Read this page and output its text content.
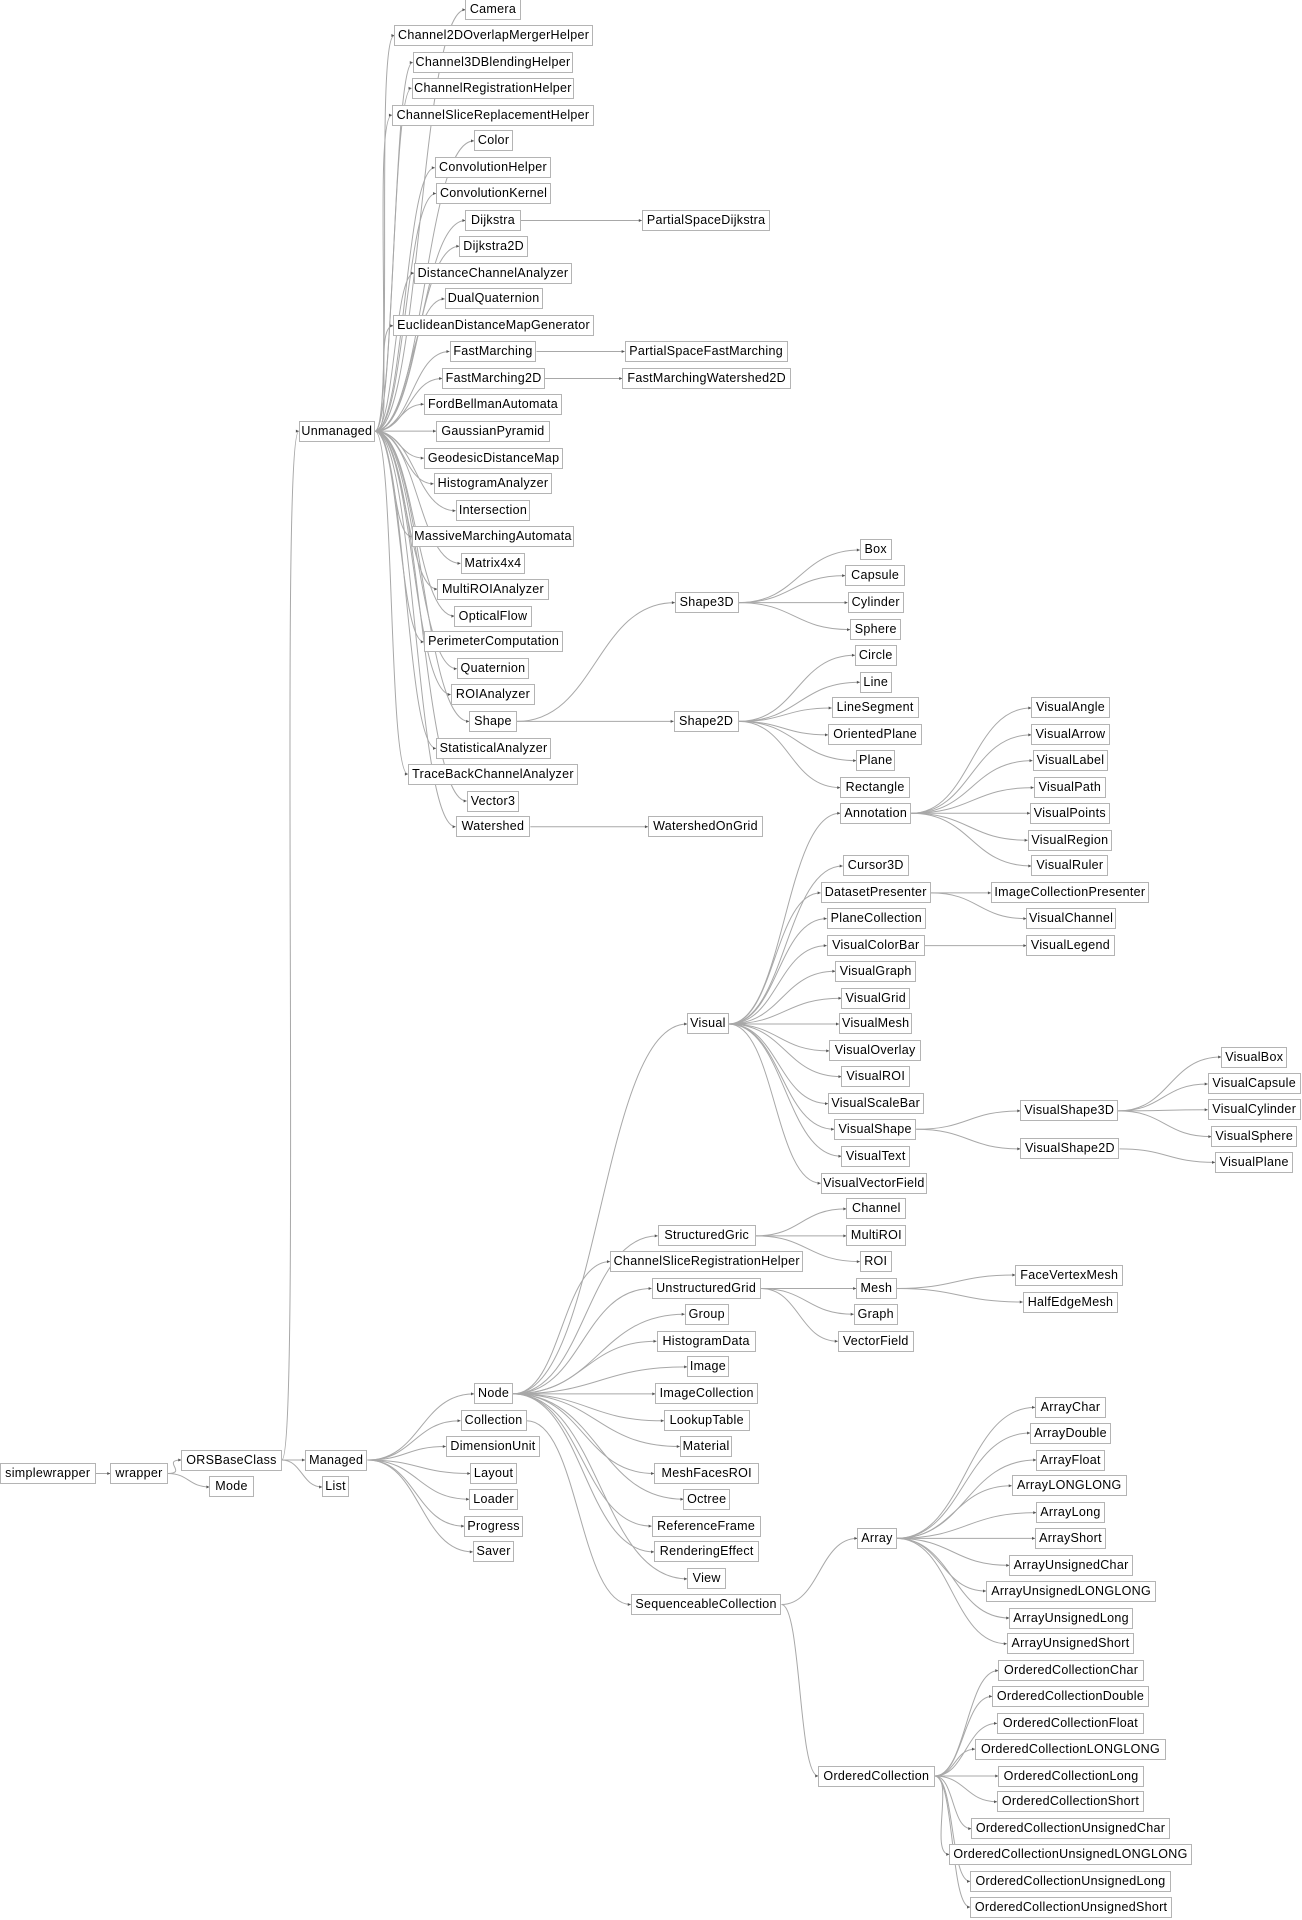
simplewrapper	wrapper
ORSBaseClass
Mode
Managed
List
Unmanaged
Camera
Channel2DOverlapMergerHelper
Channel3DBlendingHelper
ChannelRegistrationHelper
ChannelSliceReplacementHelper
Color
ConvolutionHelper
ConvolutionKernel
Dijkstra
Dijkstra2D
DistanceChannelAnalyzer
DualQuaternion
EuclideanDistanceMapGenerator
FastMarching
FastMarching2D
FordBellmanAutomata
GaussianPyramid
GeodesicDistanceMap
HistogramAnalyzer
Intersection
MassiveMarchingAutomata
Matrix4x4
MultiROIAnalyzer
OpticalFlow
PerimeterComputation
Quaternion
ROIAnalyzer
Shape
StatisticalAnalyzer
TraceBackChannelAnalyzer
Vector3
Watershed
PartialSpaceDijkstra
PartialSpaceFastMarching
FastMarchingWatershed2D
Shape3D
Shape2D
Box
Capsule
Cylinder
Sphere
Circle
Line
LineSegment
OrientedPlane
Plane
Rectangle
WatershedOnGrid
Node
Collection
DimensionUnit
Layout
Loader
Progress
Saver
Visual
StructuredGric
ChannelSliceRegistrationHelper
UnstructuredGrid
Group
HistogramData
Image
ImageCollection
LookupTable
Material
MeshFacesROI
Octree
ReferenceFrame
RenderingEffect
View
SequenceableCollection
Annotation
Cursor3D
DatasetPresenter
PlaneCollection
VisualColorBar
VisualGraph
VisualGrid
VisualMesh
VisualOverlay
VisualROI
VisualScaleBar
VisualShape
VisualText
VisualVectorField
VisualAngle
VisualArrow
VisualLabel
VisualPath
VisualPoints
VisualRegion
VisualRuler
ImageCollectionPresenter
VisualChannel
VisualLegend
VisualShape3D
VisualShape2D
VisualBox
VisualCapsule
VisualCylinder
VisualSphere
VisualPlane
Channel
MultiROI
ROI
Mesh
Graph
VectorField
FaceVertexMesh
HalfEdgeMesh
Array
OrderedCollection
ArrayChar
ArrayDouble
ArrayFloat
ArrayLONGLONG
ArrayLong
ArrayShort
ArrayUnsignedChar
ArrayUnsignedLONGLONG
ArrayUnsignedLong
ArrayUnsignedShort
OrderedCollectionChar
OrderedCollectionDouble
OrderedCollectionFloat
OrderedCollectionLONGLONG
OrderedCollectionLong
OrderedCollectionShort
OrderedCollectionUnsignedChar
OrderedCollectionUnsignedLONGLONG
OrderedCollectionUnsignedLong
OrderedCollectionUnsignedShort
